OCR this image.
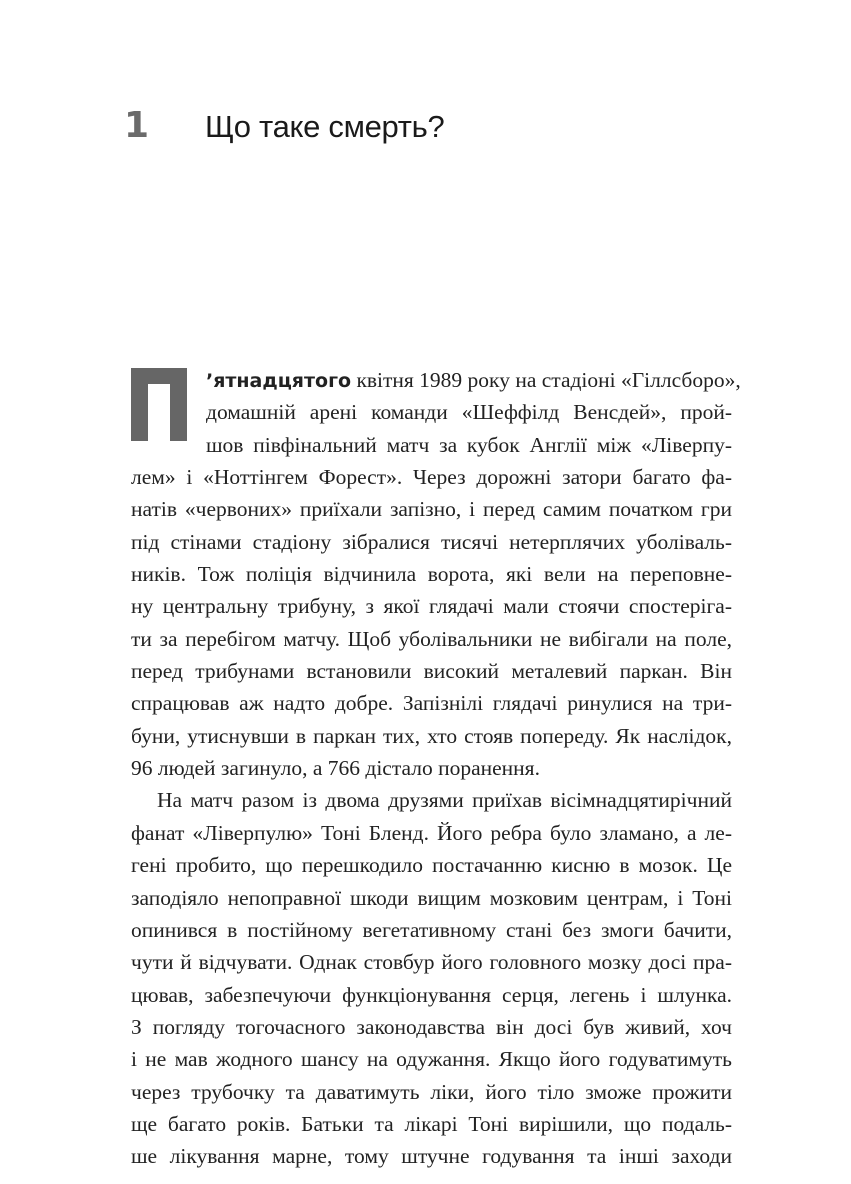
1 Що таке смерть?
’ятнадцятого квітня 1989 року на стадіоні «Гіллсборо»,
домашній арені команди «Шеффілд Венсдей», прой-
шов півфінальний матч за кубок Англії між «Ліверпу-
лем» і «Ноттінгем Форест». Через дорожні затори багато фа-
натів «червоних» приїхали запізно, і перед самим початком гри
під стінами стадіону зібралися тисячі нетерплячих уболіваль-
ників. Тож поліція відчинила ворота, які вели на переповне-
ну центральну трибуну, з якої глядачі мали стоячи спостеріга-
ти за перебігом матчу. Щоб уболівальники не вибігали на поле,
перед трибунами встановили високий металевий паркан. Він
спрацював аж надто добре. Запізнілі глядачі ринулися на три-
буни, утиснувши в паркан тих, хто стояв попереду. Як наслідок,
96 людей загинуло, а 766 дістало поранення.
На матч разом із двома друзями приїхав вісімнадцятирічний
фанат «Ліверпулю» Тоні Бленд. Його ребра було зламано, а ле-
гені пробито, що перешкодило постачанню кисню в мозок. Це
заподіяло непоправної шкоди вищим мозковим центрам, і Тоні
опинився в постійному вегетативному стані без змоги бачити,
чути й відчувати. Однак стовбур його головного мозку досі пра-
цював, забезпечуючи функціонування серця, легень і шлунка.
З погляду тогочасного законодавства він досі був живий, хоч
і не мав жодного шансу на одужання. Якщо його годуватимуть
через трубочку та даватимуть ліки, його тіло зможе прожити
ще багато років. Батьки та лікарі Тоні вирішили, що подаль-
ше лікування марне, тому штучне годування та інші заходи
